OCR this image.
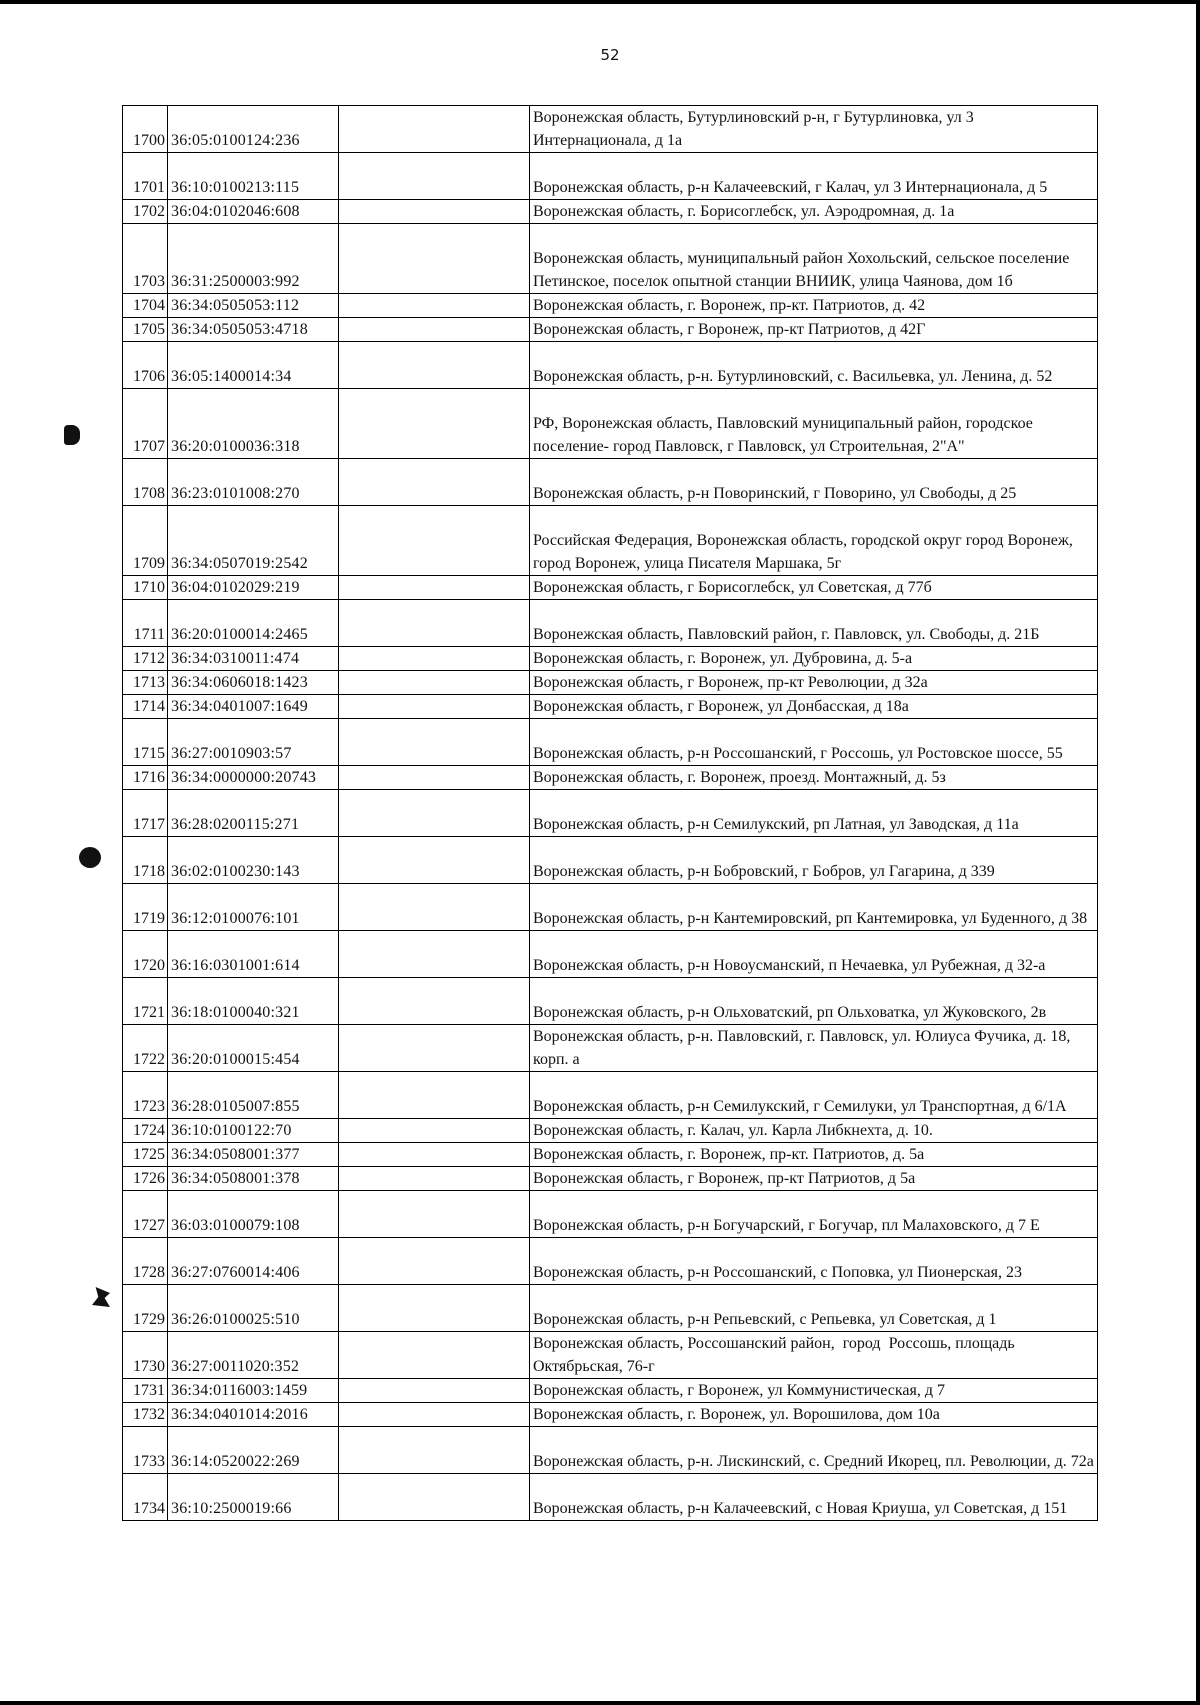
52
1700	36:05:0100124:236		Воронежская область, Бутурлиновский р-н, г Бутурлиновка, ул 3 Интернационала, д 1а
1701	36:10:0100213:115		Воронежская область, р-н Калачеевский, г Калач, ул 3 Интернационала, д 5
1702	36:04:0102046:608		Воронежская область, г. Борисоглебск, ул. Аэродромная, д. 1а
1703	36:31:2500003:992		Воронежская область, муниципальный район Хохольский, сельское поселение Петинское, поселок опытной станции ВНИИК, улица Чаянова, дом 1б
1704	36:34:0505053:112		Воронежская область, г. Воронеж, пр-кт. Патриотов, д. 42
1705	36:34:0505053:4718		Воронежская область, г Воронеж, пр-кт Патриотов, д 42Г
1706	36:05:1400014:34		Воронежская область, р-н. Бутурлиновский, с. Васильевка, ул. Ленина, д. 52
1707	36:20:0100036:318		РФ, Воронежская область, Павловский муниципальный район, городское поселение- город Павловск, г Павловск, ул Строительная, 2"А"
1708	36:23:0101008:270		Воронежская область, р-н Поворинский, г Поворино, ул Свободы, д 25
1709	36:34:0507019:2542		Российская Федерация, Воронежская область, городской округ город Воронеж, город Воронеж, улица Писателя Маршака, 5г
1710	36:04:0102029:219		Воронежская область, г Борисоглебск, ул Советская, д 77б
1711	36:20:0100014:2465		Воронежская область, Павловский район, г. Павловск, ул. Свободы, д. 21Б
1712	36:34:0310011:474		Воронежская область, г. Воронеж, ул. Дубровина, д. 5-а
1713	36:34:0606018:1423		Воронежская область, г Воронеж, пр-кт Революции, д 32а
1714	36:34:0401007:1649		Воронежская область, г Воронеж, ул Донбасская, д 18а
1715	36:27:0010903:57		Воронежская область, р-н Россошанский, г Россошь, ул Ростовское шоссе, 55
1716	36:34:0000000:20743		Воронежская область, г. Воронеж, проезд. Монтажный, д. 5з
1717	36:28:0200115:271		Воронежская область, р-н Семилукский, рп Латная, ул Заводская, д 11а
1718	36:02:0100230:143		Воронежская область, р-н Бобровский, г Бобров, ул Гагарина, д 339
1719	36:12:0100076:101		Воронежская область, р-н Кантемировский, рп Кантемировка, ул Буденного, д 38
1720	36:16:0301001:614		Воронежская область, р-н Новоусманский, п Нечаевка, ул Рубежная, д 32-а
1721	36:18:0100040:321		Воронежская область, р-н Ольховатский, рп Ольховатка, ул Жуковского, 2в
1722	36:20:0100015:454		Воронежская область, р-н. Павловский, г. Павловск, ул. Юлиуса Фучика, д. 18, корп. а
1723	36:28:0105007:855		Воронежская область, р-н Семилукский, г Семилуки, ул Транспортная, д 6/1А
1724	36:10:0100122:70		Воронежская область, г. Калач, ул. Карла Либкнехта, д. 10.
1725	36:34:0508001:377		Воронежская область, г. Воронеж, пр-кт. Патриотов, д. 5а
1726	36:34:0508001:378		Воронежская область, г Воронеж, пр-кт Патриотов, д 5а
1727	36:03:0100079:108		Воронежская область, р-н Богучарский, г Богучар, пл Малаховского, д 7 Е
1728	36:27:0760014:406		Воронежская область, р-н Россошанский, с Поповка, ул Пионерская, 23
1729	36:26:0100025:510		Воронежская область, р-н Репьевский, с Репьевка, ул Советская, д 1
1730	36:27:0011020:352		Воронежская область, Россошанский район,  город  Россошь, площадь Октябрьская, 76-г
1731	36:34:0116003:1459		Воронежская область, г Воронеж, ул Коммунистическая, д 7
1732	36:34:0401014:2016		Воронежская область, г. Воронеж, ул. Ворошилова, дом 10а
1733	36:14:0520022:269		Воронежская область, р-н. Лискинский, с. Средний Икорец, пл. Революции, д. 72а
1734	36:10:2500019:66		Воронежская область, р-н Калачеевский, с Новая Криуша, ул Советская, д 151
